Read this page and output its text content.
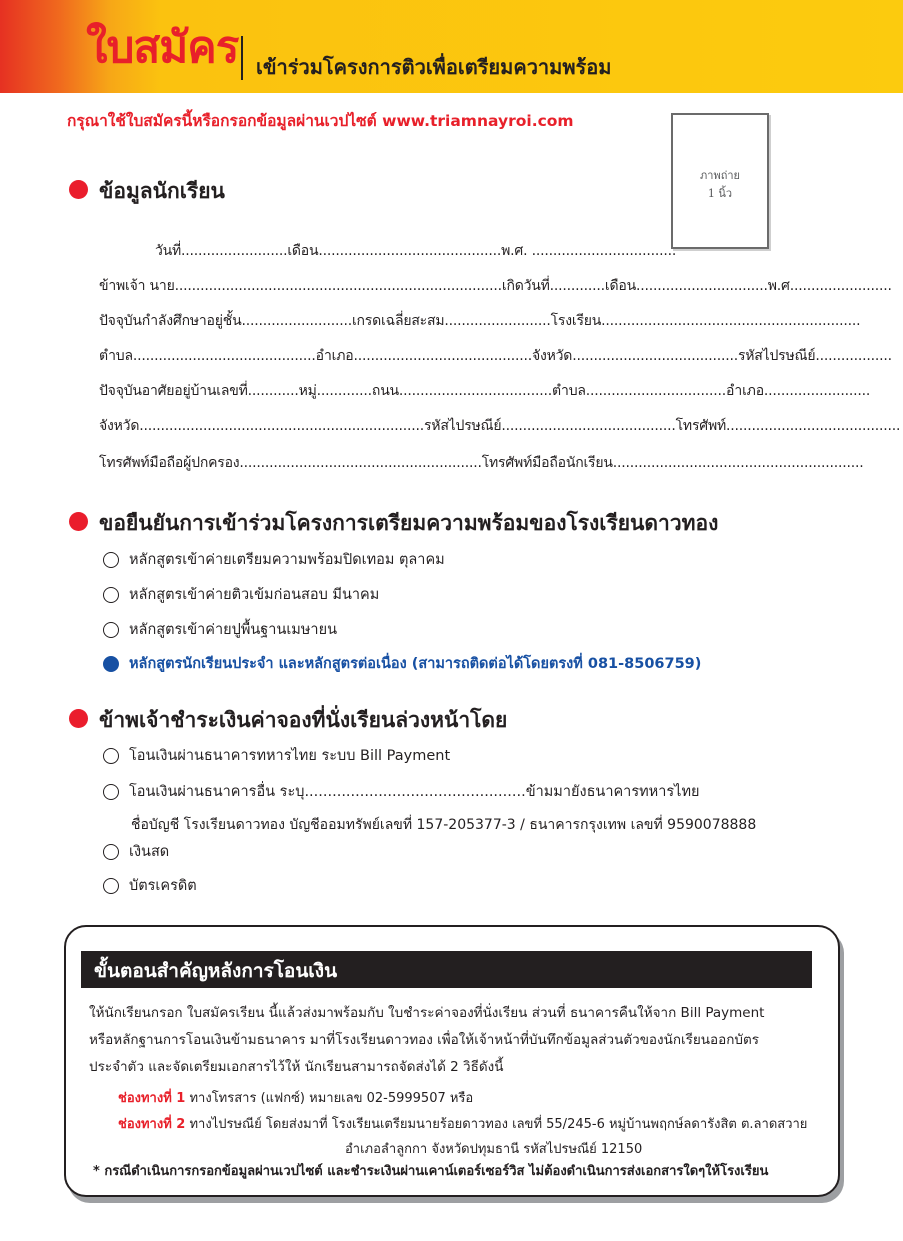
ใบสมัคร เข้าร่วมโครงการติวเพื่อเตรียมความพร้อม
กรุณาใช้ใบสมัครนี้หรือกรอกข้อมูลผ่านเวปไซต์ www.triamnayroi.com
ภาพถ่าย
1 นิ้ว
ข้อมูลนักเรียน
วันที่.........................เดือน...........................................พ.ศ. ..................................
ข้าพเจ้า นาย.............................................................................เกิดวันที่.............เดือน...............................พ.ศ........................
ปัจจุบันกำลังศึกษาอยู่ชั้น..........................เกรดเฉลี่ยสะสม.........................โรงเรียน.............................................................
ตำบล...........................................อำเภอ..........................................จังหวัด.......................................รหัสไปรษณีย์..................
ปัจจุบันอาศัยอยู่บ้านเลขที่............หมู่.............ถนน....................................ตำบล.................................อำเภอ.........................
จังหวัด...................................................................รหัสไปรษณีย์.........................................โทรศัพท์.........................................
โทรศัพท์มือถือผู้ปกครอง.........................................................โทรศัพท์มือถือนักเรียน...........................................................
ขอยืนยันการเข้าร่วมโครงการเตรียมความพร้อมของโรงเรียนดาวทอง
หลักสูตรเข้าค่ายเตรียมความพร้อมปิดเทอม ตุลาคม
หลักสูตรเข้าค่ายติวเข้มก่อนสอบ มีนาคม
หลักสูตรเข้าค่ายปูพื้นฐานเมษายน
หลักสูตรนักเรียนประจำ และหลักสูตรต่อเนื่อง (สามารถติดต่อได้โดยตรงที่ 081-8506759)
ข้าพเจ้าชำระเงินค่าจองที่นั่งเรียนล่วงหน้าโดย
โอนเงินผ่านธนาคารทหารไทย ระบบ Bill Payment
โอนเงินผ่านธนาคารอื่น ระบุ................................................ข้ามมายังธนาคารทหารไทย
ชื่อบัญชี โรงเรียนดาวทอง บัญชีออมทรัพย์เลขที่ 157-205377-3 / ธนาคารกรุงเทพ เลขที่ 9590078888
เงินสด
บัตรเครดิต
ขั้นตอนสำคัญหลังการโอนเงิน
ให้นักเรียนกรอก ใบสมัครเรียน นี้แล้วส่งมาพร้อมกับ ใบชำระค่าจองที่นั่งเรียน ส่วนที่ ธนาคารคืนให้จาก Bill Payment
หรือหลักฐานการโอนเงินข้ามธนาคาร มาที่โรงเรียนดาวทอง เพื่อให้เจ้าหน้าที่บันทึกข้อมูลส่วนตัวของนักเรียนออกบัตร
ประจำตัว และจัดเตรียมเอกสารไว้ให้ นักเรียนสามารถจัดส่งได้ 2 วิธีดังนี้
ช่องทางที่ 1 ทางโทรสาร (แฟกซ์) หมายเลข 02-5999507 หรือ
ช่องทางที่ 2 ทางไปรษณีย์ โดยส่งมาที่ โรงเรียนเตรียมนายร้อยดาวทอง เลขที่ 55/245-6 หมู่บ้านพฤกษ์ลดารังสิต ต.ลาดสวาย
อำเภอลำลูกกา จังหวัดปทุมธานี รหัสไปรษณีย์ 12150
* กรณีดำเนินการกรอกข้อมูลผ่านเวปไซต์ และชำระเงินผ่านเคาน์เตอร์เซอร์วิส ไม่ต้องดำเนินการส่งเอกสารใดๆให้โรงเรียน
